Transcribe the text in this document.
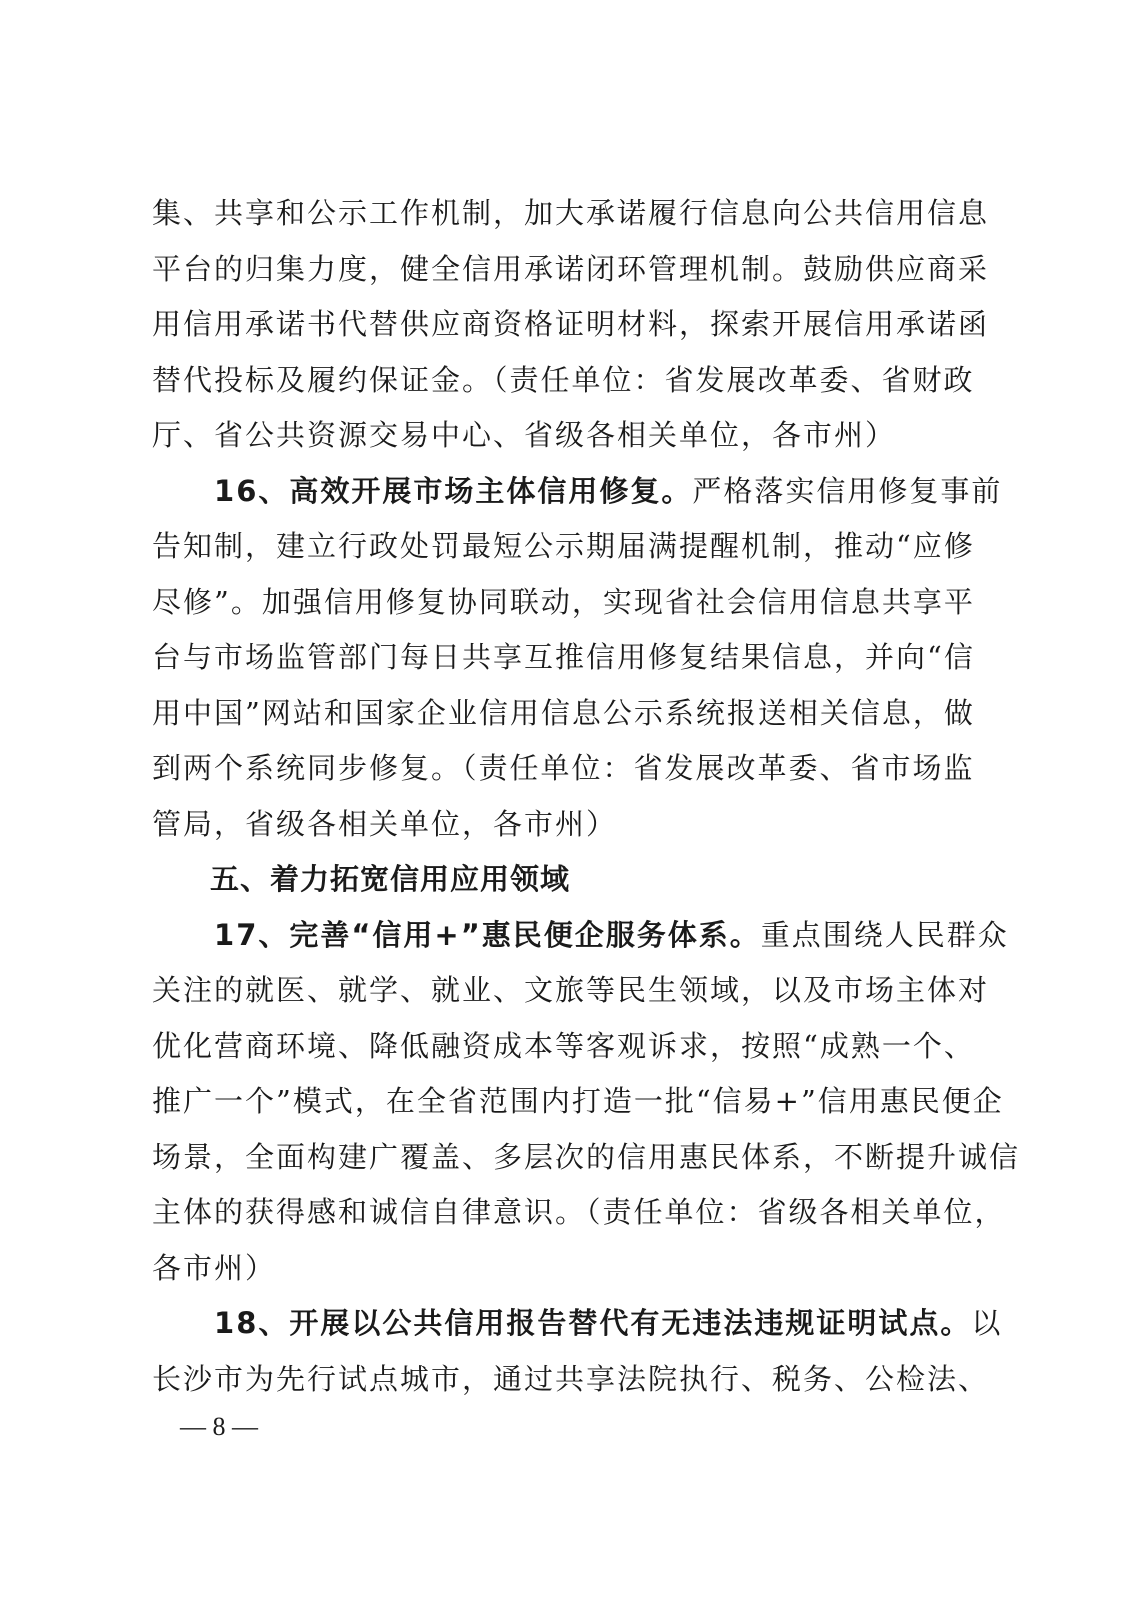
集、共享和公示工作机制，加大承诺履行信息向公共信用信息
平台的归集力度，健全信用承诺闭环管理机制。鼓励供应商采
用信用承诺书代替供应商资格证明材料，探索开展信用承诺函
替代投标及履约保证金。（责任单位：省发展改革委、省财政
厅、省公共资源交易中心、省级各相关单位，各市州）
　　16、高效开展市场主体信用修复。严格落实信用修复事前
告知制，建立行政处罚最短公示期届满提醒机制，推动“应修
尽修”。加强信用修复协同联动，实现省社会信用信息共享平
台与市场监管部门每日共享互推信用修复结果信息，并向“信
用中国”网站和国家企业信用信息公示系统报送相关信息，做
到两个系统同步修复。（责任单位：省发展改革委、省市场监
管局，省级各相关单位，各市州）
五、着力拓宽信用应用领域
　　17、完善“信用+”惠民便企服务体系。重点围绕人民群众
关注的就医、就学、就业、文旅等民生领域，以及市场主体对
优化营商环境、降低融资成本等客观诉求，按照“成熟一个、
推广一个”模式，在全省范围内打造一批“信易+”信用惠民便企
场景，全面构建广覆盖、多层次的信用惠民体系，不断提升诚信
主体的获得感和诚信自律意识。（责任单位：省级各相关单位，
各市州）
　　18、开展以公共信用报告替代有无违法违规证明试点。以
长沙市为先行试点城市，通过共享法院执行、税务、公检法、
— 8 —
